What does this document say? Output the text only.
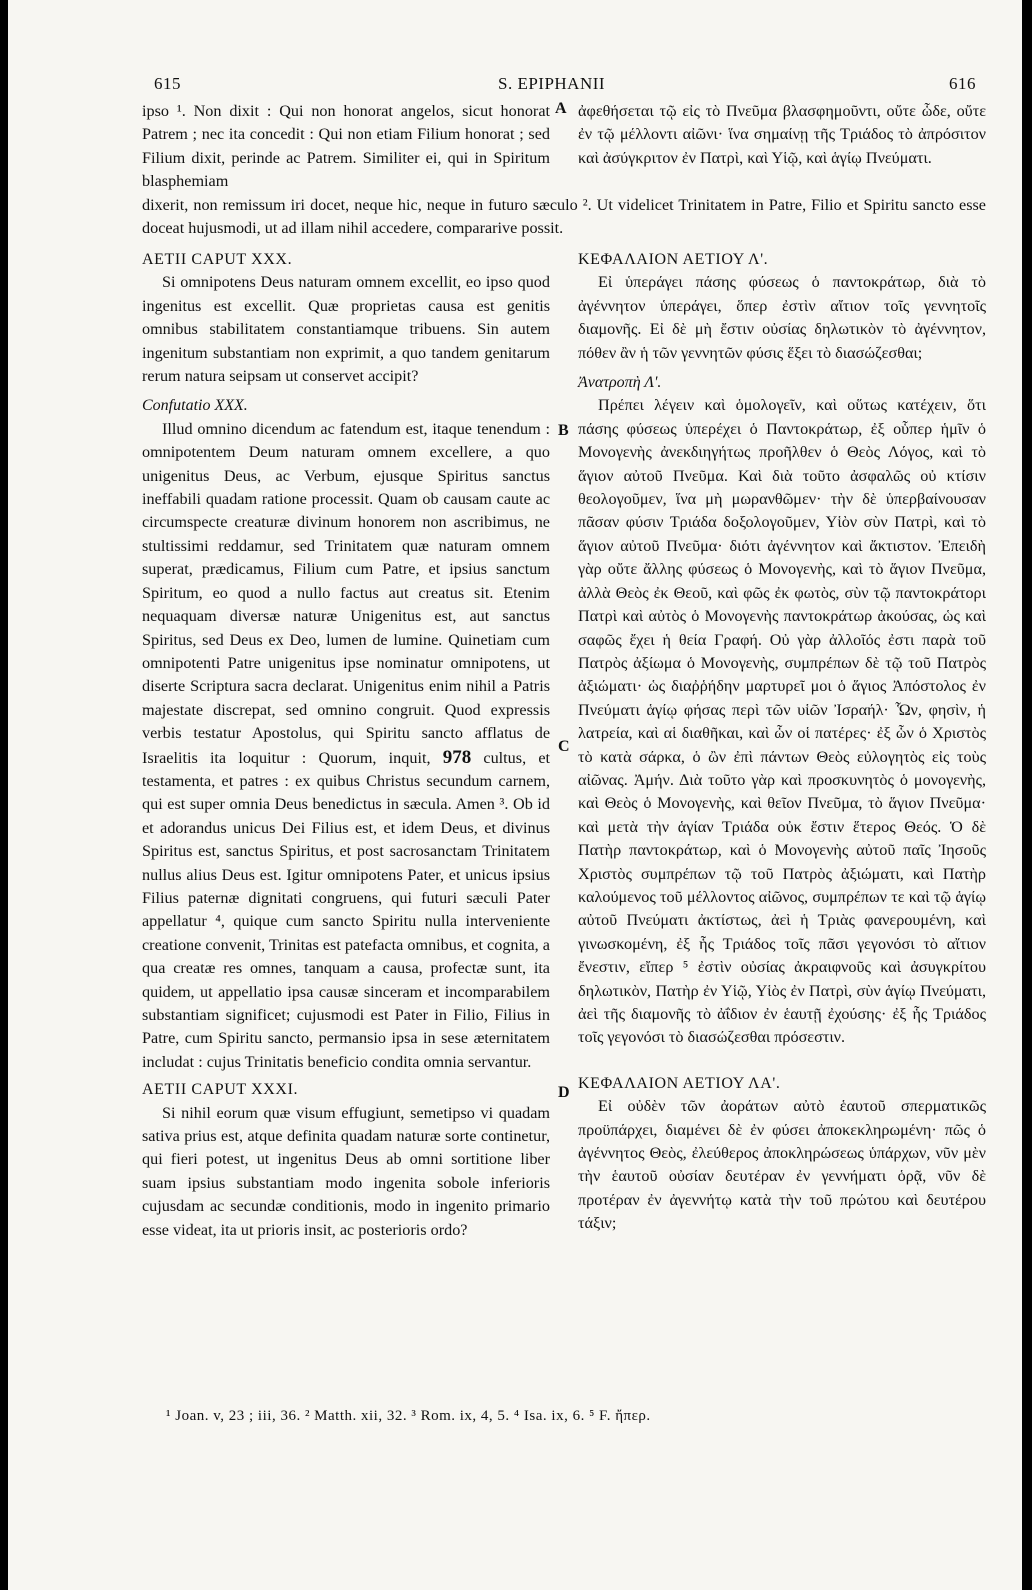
615	S. EPIPHANII	616
A
B
C
D

ipso ¹. Non dixit : Qui non honorat angelos, sicut honorat Patrem ; nec ita concedit : Qui non etiam Filium honorat ; sed Filium dixit, perinde ac Patrem. Similiter ei, qui in Spiritum blasphemiam

ἀφεθήσεται τῷ εἰς τὸ Πνεῦμα βλασφημοῦντι, οὔτε ὧδε, οὔτε ἐν τῷ μέλλοντι αἰῶνι· ἵνα σημαίνῃ τῆς Τριάδος τὸ ἀπρόσιτον καὶ ἀσύγκριτον ἐν Πατρὶ, καὶ Υἱῷ, καὶ ἁγίῳ Πνεύματι.

dixerit, non remissum iri docet, neque hic, neque in futuro sæculo ². Ut videlicet Trinitatem in Patre, Filio et Spiritu sancto esse doceat hujusmodi, ut ad illam nihil accedere, compararive possit.

AETII CAPUT XXX.

Si omnipotens Deus naturam omnem excellit, eo ipso quod ingenitus est excellit. Quæ proprietas causa est genitis omnibus stabilitatem constantiamque tribuens. Sin autem ingenitum substantiam non exprimit, a quo tandem genitarum rerum natura seipsam ut conservet accipit?

Confutatio XXX.

Illud omnino dicendum ac fatendum est, itaque tenendum : omnipotentem Deum naturam omnem excellere, a quo unigenitus Deus, ac Verbum, ejusque Spiritus sanctus ineffabili quadam ratione processit. Quam ob causam caute ac circumspecte creaturæ divinum honorem non ascribimus, ne stultissimi reddamur, sed Trinitatem quæ naturam omnem superat, prædicamus, Filium cum Patre, et ipsius sanctum Spiritum, eo quod a nullo factus aut creatus sit. Etenim nequaquam diversæ naturæ Unigenitus est, aut sanctus Spiritus, sed Deus ex Deo, lumen de lumine. Quinetiam cum omnipotenti Patre unigenitus ipse nominatur omnipotens, ut diserte Scriptura sacra declarat. Unigenitus enim nihil a Patris majestate discrepat, sed omnino congruit. Quod expressis verbis testatur Apostolus, qui Spiritu sancto afflatus de Israelitis ita loquitur : Quorum, inquit, 978 cultus, et testamenta, et patres : ex quibus Christus secundum carnem, qui est super omnia Deus benedictus in sæcula. Amen ³. Ob id et adorandus unicus Dei Filius est, et idem Deus, et divinus Spiritus est, sanctus Spiritus, et post sacrosanctam Trinitatem nullus alius Deus est. Igitur omnipotens Pater, et unicus ipsius Filius paternæ dignitati congruens, qui futuri sæculi Pater appellatur ⁴, quique cum sancto Spiritu nulla interveniente creatione convenit, Trinitas est patefacta omnibus, et cognita, a qua creatæ res omnes, tanquam a causa, profectæ sunt, ita quidem, ut appellatio ipsa causæ sinceram et incomparabilem substantiam significet; cujusmodi est Pater in Filio, Filius in Patre, cum Spiritu sancto, permansio ipsa in sese æternitatem includat : cujus Trinitatis beneficio condita omnia servantur.

AETII CAPUT XXXI.

Si nihil eorum quæ visum effugiunt, semetipso vi quadam sativa prius est, atque definita quadam naturæ sorte continetur, qui fieri potest, ut ingenitus Deus ab omni sortitione liber suam ipsius substantiam modo ingenita sobole inferioris cujusdam ac secundæ conditionis, modo in ingenito primario esse videat, ita ut prioris insit, ac posterioris ordo?

ΚΕΦΑΛΑΙΟΝ ΑΕΤΙΟΥ Λ'.

Εἰ ὑπεράγει πάσης φύσεως ὁ παντοκράτωρ, διὰ τὸ ἀγέννητον ὑπεράγει, ὅπερ ἐστὶν αἴτιον τοῖς γεννητοῖς διαμονῆς. Εἰ δὲ μὴ ἔστιν οὐσίας δηλωτικὸν τὸ ἀγέννητον, πόθεν ἂν ἡ τῶν γεννητῶν φύσις ἕξει τὸ διασώζεσθαι;

Ἀνατροπὴ Λ'.

Πρέπει λέγειν καὶ ὁμολογεῖν, καὶ οὕτως κατέχειν, ὅτι πάσης φύσεως ὑπερέχει ὁ Παντοκράτωρ, ἐξ οὗπερ ἡμῖν ὁ Μονογενὴς ἀνεκδιηγήτως προῆλθεν ὁ Θεὸς Λόγος, καὶ τὸ ἅγιον αὐτοῦ Πνεῦμα. Καὶ διὰ τοῦτο ἀσφαλῶς οὐ κτίσιν θεολογοῦμεν, ἵνα μὴ μωρανθῶμεν· τὴν δὲ ὑπερβαίνουσαν πᾶσαν φύσιν Τριάδα δοξολογοῦμεν, Υἱὸν σὺν Πατρὶ, καὶ τὸ ἅγιον αὐτοῦ Πνεῦμα· διότι ἀγέννητον καὶ ἄκτιστον. Ἐπειδὴ γὰρ οὔτε ἄλλης φύσεως ὁ Μονογενὴς, καὶ τὸ ἅγιον Πνεῦμα, ἀλλὰ Θεὸς ἐκ Θεοῦ, καὶ φῶς ἐκ φωτὸς, σὺν τῷ παντοκράτορι Πατρὶ καὶ αὐτὸς ὁ Μονογενὴς παντοκράτωρ ἀκούσας, ὡς καὶ σαφῶς ἔχει ἡ θεία Γραφή. Οὐ γὰρ ἀλλοῖός ἐστι παρὰ τοῦ Πατρὸς ἀξίωμα ὁ Μονογενὴς, συμπρέπων δὲ τῷ τοῦ Πατρὸς ἀξιώματι· ὡς διαῤῥήδην μαρτυρεῖ μοι ὁ ἅγιος Ἀπόστολος ἐν Πνεύματι ἁγίῳ φήσας περὶ τῶν υἱῶν Ἰσραήλ· Ὧν, φησὶν, ἡ λατρεία, καὶ αἱ διαθῆκαι, καὶ ὧν οἱ πατέρες· ἐξ ὧν ὁ Χριστὸς τὸ κατὰ σάρκα, ὁ ὢν ἐπὶ πάντων Θεὸς εὐλογητὸς εἰς τοὺς αἰῶνας. Ἀμήν. Διὰ τοῦτο γὰρ καὶ προσκυνητὸς ὁ μονογενὴς, καὶ Θεὸς ὁ Μονογενὴς, καὶ θεῖον Πνεῦμα, τὸ ἅγιον Πνεῦμα· καὶ μετὰ τὴν ἁγίαν Τριάδα οὐκ ἔστιν ἕτερος Θεός. Ὁ δὲ Πατὴρ παντοκράτωρ, καὶ ὁ Μονογενὴς αὐτοῦ παῖς Ἰησοῦς Χριστὸς συμπρέπων τῷ τοῦ Πατρὸς ἀξιώματι, καὶ Πατὴρ καλούμενος τοῦ μέλλοντος αἰῶνος, συμπρέπων τε καὶ τῷ ἁγίῳ αὐτοῦ Πνεύματι ἀκτίστως, ἀεὶ ἡ Τριὰς φανερουμένη, καὶ γινωσκομένη, ἐξ ἧς Τριάδος τοῖς πᾶσι γεγονόσι τὸ αἴτιον ἔνεστιν, εἴπερ ⁵ ἐστὶν οὐσίας ἀκραιφνοῦς καὶ ἀσυγκρίτου δηλωτικὸν, Πατὴρ ἐν Υἱῷ, Υἱὸς ἐν Πατρὶ, σὺν ἁγίῳ Πνεύματι, ἀεὶ τῆς διαμονῆς τὸ ἀΐδιον ἐν ἑαυτῇ ἐχούσης· ἐξ ἧς Τριάδος τοῖς γεγονόσι τὸ διασώζεσθαι πρόσεστιν.

ΚΕΦΑΛΑΙΟΝ ΑΕΤΙΟΥ ΛΑ'.

Εἰ οὐδὲν τῶν ἀοράτων αὐτὸ ἑαυτοῦ σπερματικῶς προϋπάρχει, διαμένει δὲ ἐν φύσει ἀποκεκληρωμένη· πῶς ὁ ἀγέννητος Θεὸς, ἐλεύθερος ἀποκληρώσεως ὑπάρχων, νῦν μὲν τὴν ἑαυτοῦ οὐσίαν δευτέραν ἐν γεννήματι ὁρᾷ, νῦν δὲ προτέραν ἐν ἀγεννήτῳ κατὰ τὴν τοῦ πρώτου καὶ δευτέρου τάξιν;

¹ Joan. v, 23 ; iii, 36. ² Matth. xii, 32. ³ Rom. ix, 4, 5. ⁴ Isa. ix, 6. ⁵ F. ἤπερ.
